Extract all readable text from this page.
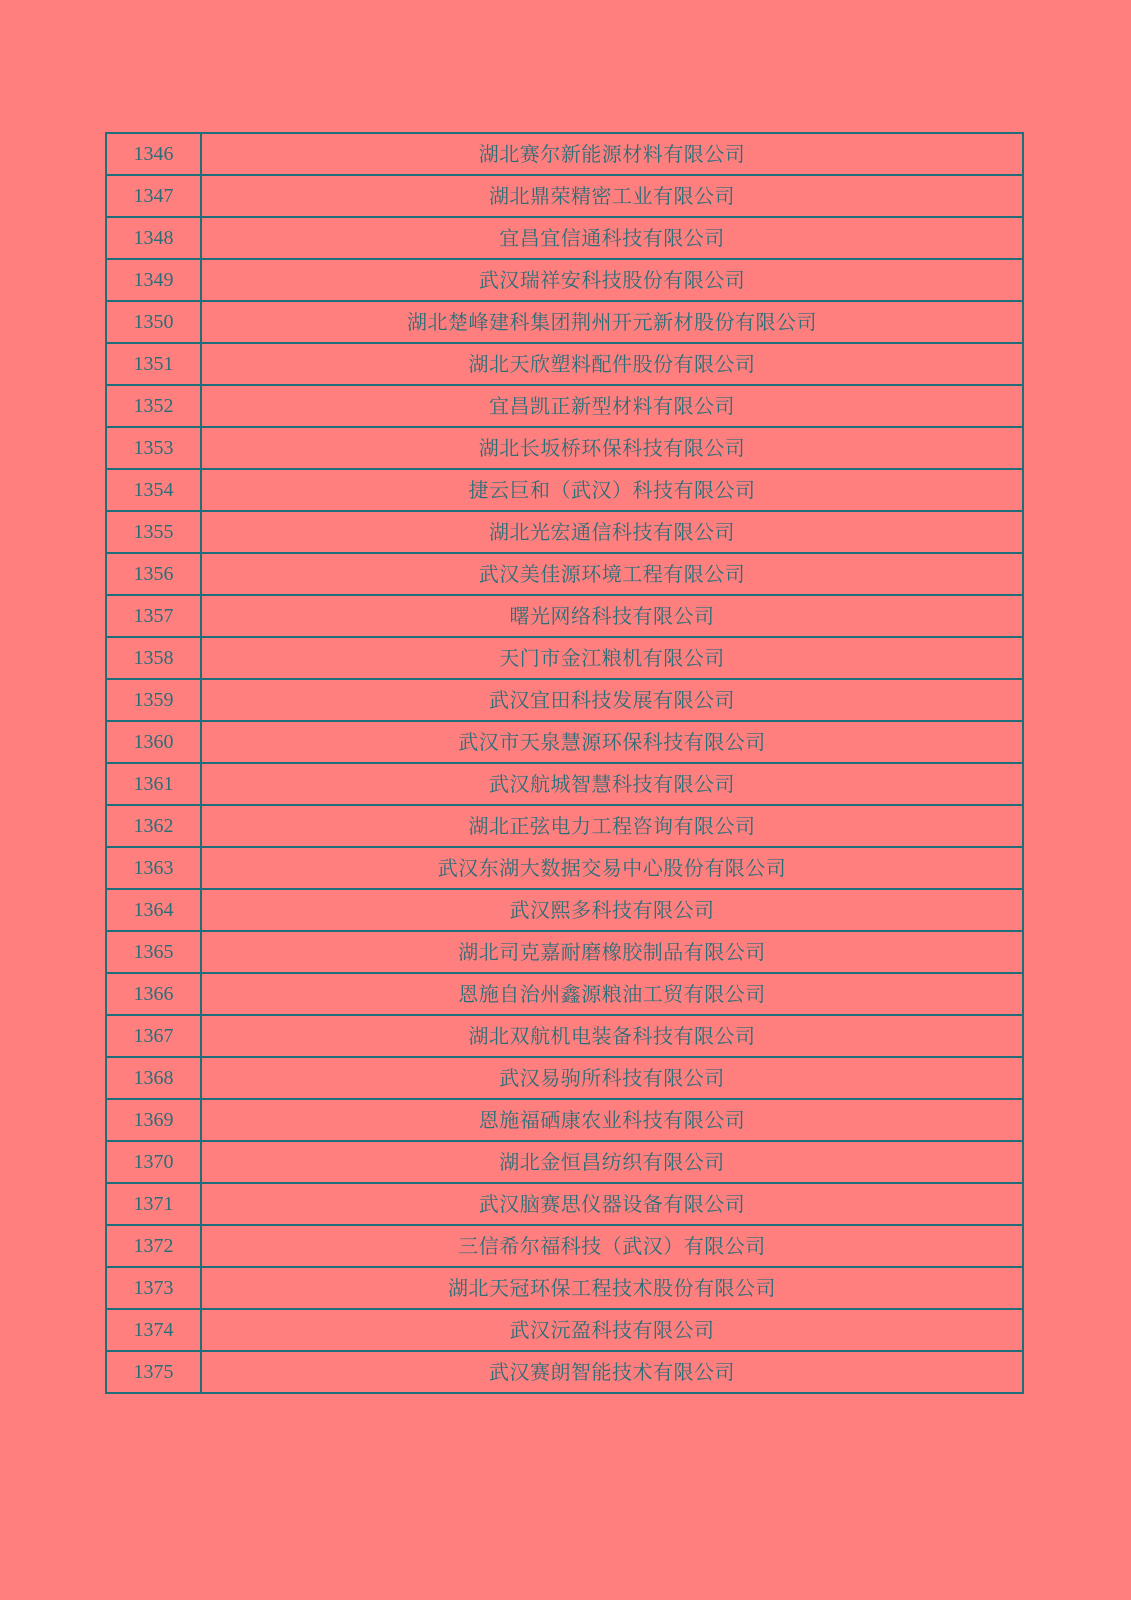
1346	湖北赛尔新能源材料有限公司
1347	湖北鼎荣精密工业有限公司
1348	宜昌宜信通科技有限公司
1349	武汉瑞祥安科技股份有限公司
1350	湖北楚峰建科集团荆州开元新材股份有限公司
1351	湖北天欣塑料配件股份有限公司
1352	宜昌凯正新型材料有限公司
1353	湖北长坂桥环保科技有限公司
1354	捷云巨和（武汉）科技有限公司
1355	湖北光宏通信科技有限公司
1356	武汉美佳源环境工程有限公司
1357	曙光网络科技有限公司
1358	天门市金江粮机有限公司
1359	武汉宜田科技发展有限公司
1360	武汉市天泉慧源环保科技有限公司
1361	武汉航城智慧科技有限公司
1362	湖北正弦电力工程咨询有限公司
1363	武汉东湖大数据交易中心股份有限公司
1364	武汉熙多科技有限公司
1365	湖北司克嘉耐磨橡胶制品有限公司
1366	恩施自治州鑫源粮油工贸有限公司
1367	湖北双航机电装备科技有限公司
1368	武汉易驹所科技有限公司
1369	恩施福硒康农业科技有限公司
1370	湖北金恒昌纺织有限公司
1371	武汉脑赛思仪器设备有限公司
1372	三信希尔福科技（武汉）有限公司
1373	湖北天冠环保工程技术股份有限公司
1374	武汉沅盈科技有限公司
1375	武汉赛朗智能技术有限公司
